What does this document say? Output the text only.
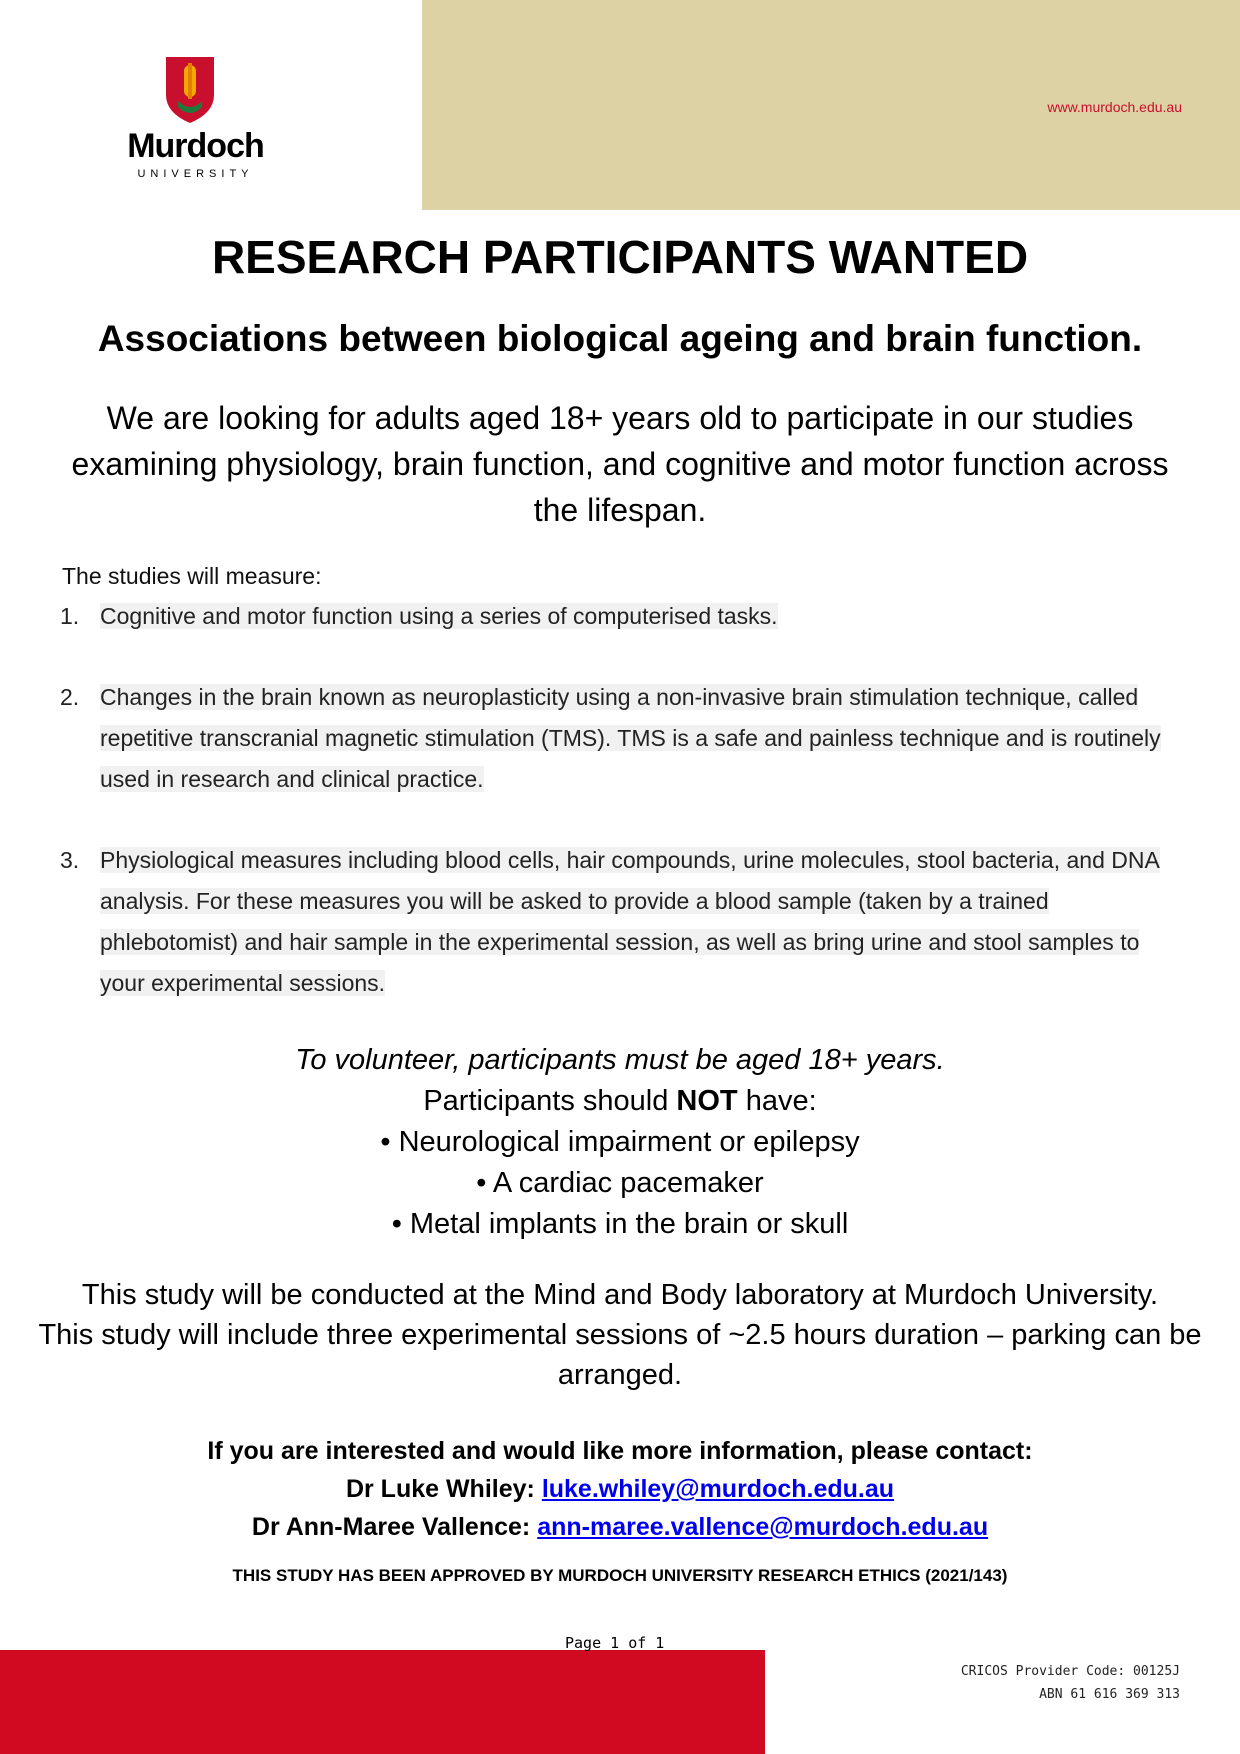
Murdoch
UNIVERSITY
www.murdoch.edu.au
RESEARCH PARTICIPANTS WANTED
Associations between biological ageing and brain function.
We are looking for adults aged 18+ years old to participate in our studies examining physiology, brain function, and cognitive and motor function across the lifespan.
The studies will measure:
1. Cognitive and motor function using a series of computerised tasks.
2. Changes in the brain known as neuroplasticity using a non-invasive brain stimulation technique, called repetitive transcranial magnetic stimulation (TMS). TMS is a safe and painless technique and is routinely used in research and clinical practice.
3. Physiological measures including blood cells, hair compounds, urine molecules, stool bacteria, and DNA analysis. For these measures you will be asked to provide a blood sample (taken by a trained phlebotomist) and hair sample in the experimental session, as well as bring urine and stool samples to your experimental sessions.
To volunteer, participants must be aged 18+ years.
Participants should NOT have:
• Neurological impairment or epilepsy
• A cardiac pacemaker
• Metal implants in the brain or skull
This study will be conducted at the Mind and Body laboratory at Murdoch University.
This study will include three experimental sessions of ~2.5 hours duration – parking can be arranged.
If you are interested and would like more information, please contact:
Dr Luke Whiley: luke.whiley@murdoch.edu.au
Dr Ann-Maree Vallence: ann-maree.vallence@murdoch.edu.au
THIS STUDY HAS BEEN APPROVED BY MURDOCH UNIVERSITY RESEARCH ETHICS (2021/143)
Page 1 of 1
CRICOS Provider Code: 00125J
ABN 61 616 369 313
